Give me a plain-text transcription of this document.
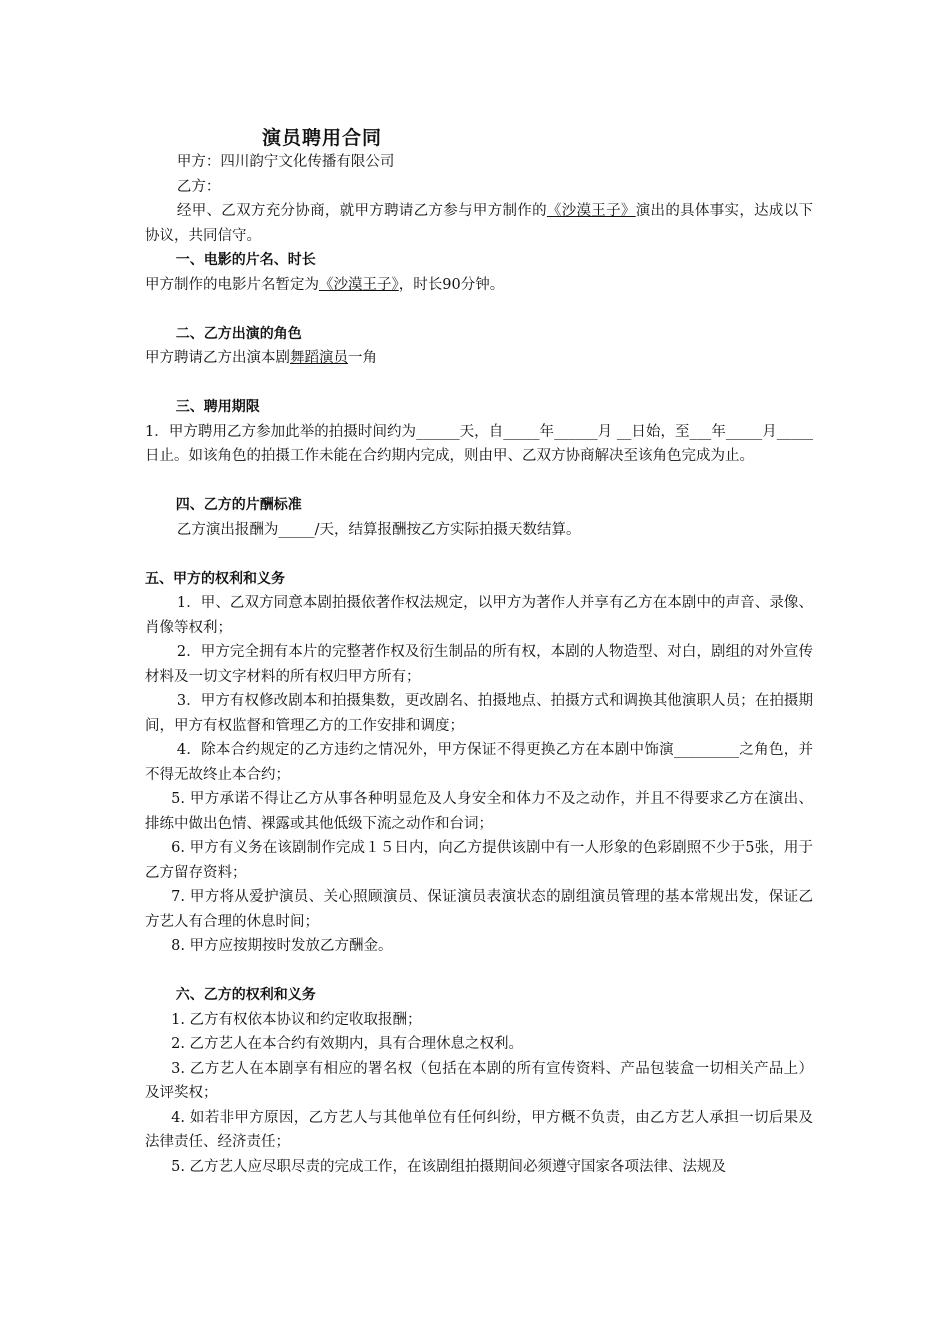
演员聘用合同

甲方：四川韵宁文化传播有限公司

乙方：

经甲、乙双方充分协商，就甲方聘请乙方参与甲方制作的《沙漠王子》演出的具体事实，达成以下协议，共同信守。

一、电影的片名、时长

甲方制作的电影片名暂定为《沙漠王子》，时长90分钟。

二、乙方出演的角色

甲方聘请乙方出演本剧舞蹈演员一角

三、聘用期限

1．甲方聘用乙方参加此举的拍摄时间约为______天，自_____年______月 __日始，至___年_____月_____日止。如该角色的拍摄工作未能在合约期内完成，则由甲、乙双方协商解决至该角色完成为止。

四、乙方的片酬标准

乙方演出报酬为_____/天，结算报酬按乙方实际拍摄天数结算。

五、甲方的权利和义务

1．甲、乙双方同意本剧拍摄依著作权法规定，以甲方为著作人并享有乙方在本剧中的声音、录像、肖像等权利；

2．甲方完全拥有本片的完整著作权及衍生制品的所有权，本剧的人物造型、对白，剧组的对外宣传材料及一切文字材料的所有权归甲方所有；

3．甲方有权修改剧本和拍摄集数，更改剧名、拍摄地点、拍摄方式和调换其他演职人员；在拍摄期间，甲方有权监督和管理乙方的工作安排和调度；

4．除本合约规定的乙方违约之情况外，甲方保证不得更换乙方在本剧中饰演_________之角色，并不得无故终止本合约；

5. 甲方承诺不得让乙方从事各种明显危及人身安全和体力不及之动作，并且不得要求乙方在演出、排练中做出色情、裸露或其他低级下流之动作和台词；

6. 甲方有义务在该剧制作完成１５日内，向乙方提供该剧中有一人形象的色彩剧照不少于5张，用于乙方留存资料；

7. 甲方将从爱护演员、关心照顾演员、保证演员表演状态的剧组演员管理的基本常规出发，保证乙方艺人有合理的休息时间；

8. 甲方应按期按时发放乙方酬金。

六、乙方的权利和义务

1. 乙方有权依本协议和约定收取报酬；

2. 乙方艺人在本合约有效期内，具有合理休息之权利。

3. 乙方艺人在本剧享有相应的署名权（包括在本剧的所有宣传资料、产品包装盒一切相关产品上）及评奖权；

4. 如若非甲方原因，乙方艺人与其他单位有任何纠纷，甲方概不负责，由乙方艺人承担一切后果及法律责任、经济责任；

5. 乙方艺人应尽职尽责的完成工作，在该剧组拍摄期间必须遵守国家各项法律、法规及
